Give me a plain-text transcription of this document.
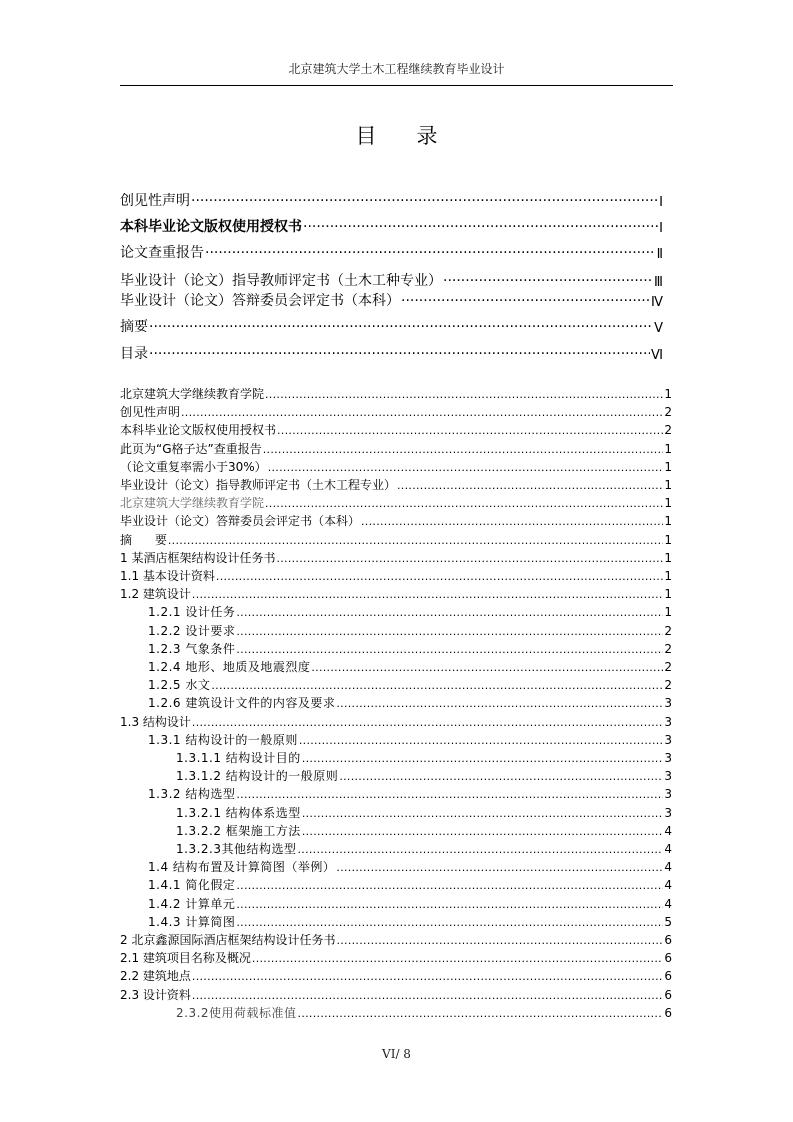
北京建筑大学土木工程继续教育毕业设计
目 录
创见性声明 ·····	Ⅰ
本科毕业论文版权使用授权书 ·····	Ⅰ
论文查重报告 ·····	Ⅱ
毕业设计（论文）指导教师评定书（土木工种专业） ·····	Ⅲ
毕业设计（论文）答辩委员会评定书（本科） ·····	Ⅳ
摘要 ·····	Ⅴ
目录 ·····	Ⅵ
北京建筑大学继续教育学院 .....	1
创见性声明 .....	2
本科毕业论文版权使用授权书 .....	2
此页为“G格子达”查重报告 .....	1
（论文重复率需小于30%） .....	1
毕业设计（论文）指导教师评定书（土木工程专业） .....	1
北京建筑大学继续教育学院 .....	1
毕业设计（论文）答辩委员会评定书（本科） .....	1
摘      要 .....	1
1 某酒店框架结构设计任务书 .....	1
1.1 基本设计资料 .....	1
1.2 建筑设计 .....	1
1.2.1 设计任务 .....	1
1.2.2 设计要求 .....	2
1.2.3 气象条件 .....	2
1.2.4 地形、地质及地震烈度 .....	2
1.2.5 水文 .....	2
1.2.6 建筑设计文件的内容及要求 .....	3
1.3 结构设计 .....	3
1.3.1 结构设计的一般原则 .....	3
1.3.1.1 结构设计目的 .....	3
1.3.1.2 结构设计的一般原则 .....	3
1.3.2 结构选型 .....	3
1.3.2.1 结构体系选型 .....	3
1.3.2.2 框架施工方法 .....	4
1.3.2.3其他结构选型 .....	4
1.4 结构布置及计算简图（举例） .....	4
1.4.1 简化假定 .....	4
1.4.2 计算单元 .....	4
1.4.3 计算简图 .....	5
2 北京鑫源国际酒店框架结构设计任务书 .....	6
2.1 建筑项目名称及概况 .....	6
2.2 建筑地点 .....	6
2.3 设计资料 .....	6
2.3.2使用荷载标准值 .....	6
VI/ 8
